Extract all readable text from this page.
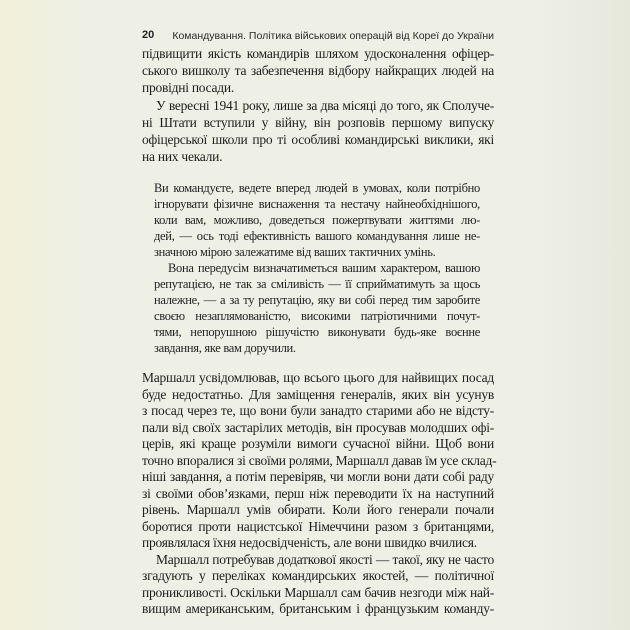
20 Командування. Політика військових операцій від Кореї до України
підвищити якість командирів шляхом удосконалення офіцер-
ського вишколу та забезпечення відбору найкращих людей на
провідні посади.
У вересні 1941 року, лише за два місяці до того, як Сполуче-
ні Штати вступили у війну, він розповів першому випуску
офіцерської школи про ті особливі командирські виклики, які
на них чекали.
Ви командуєте, ведете вперед людей в умовах, коли потрібно
ігнорувати фізичне виснаження та нестачу найнеобхіднішого,
коли вам, можливо, доведеться пожертвувати життями лю-
дей, — ось тоді ефективність вашого командування лише не-
значною мірою залежатиме від ваших тактичних умінь.
Вона передусім визначатиметься вашим характером, вашою
репутацією, не так за сміливість — її сприйматимуть за щось
належне, — а за ту репутацію, яку ви собі перед тим заробите
своєю незаплямованістю, високими патріотичними почут-
тями, непорушною рішучістю виконувати будь-яке воєнне
завдання, яке вам доручили.
Маршалл усвідомлював, що всього цього для найвищих посад
буде недостатньо. Для заміщення генералів, яких він усунув
з посад через те, що вони були занадто старими або не відсту-
пали від своїх застарілих методів, він просував молодших офі-
церів, які краще розуміли вимоги сучасної війни. Щоб вони
точно впоралися зі своїми ролями, Маршалл давав їм усе склад-
ніші завдання, а потім перевіряв, чи могли вони дати собі раду
зі своїми обов’язками, перш ніж переводити їх на наступний
рівень. Маршалл умів обирати. Коли його генерали почали
боротися проти нацистської Німеччини разом з британцями,
проявлялася їхня недосвідченість, але вони швидко вчилися.
Маршалл потребував додаткової якості — такої, яку не часто
згадують у переліках командирських якостей, — політичної
проникливості. Оскільки Маршалл сам бачив незгоди між най-
вищим американським, британським і французьким команду-
